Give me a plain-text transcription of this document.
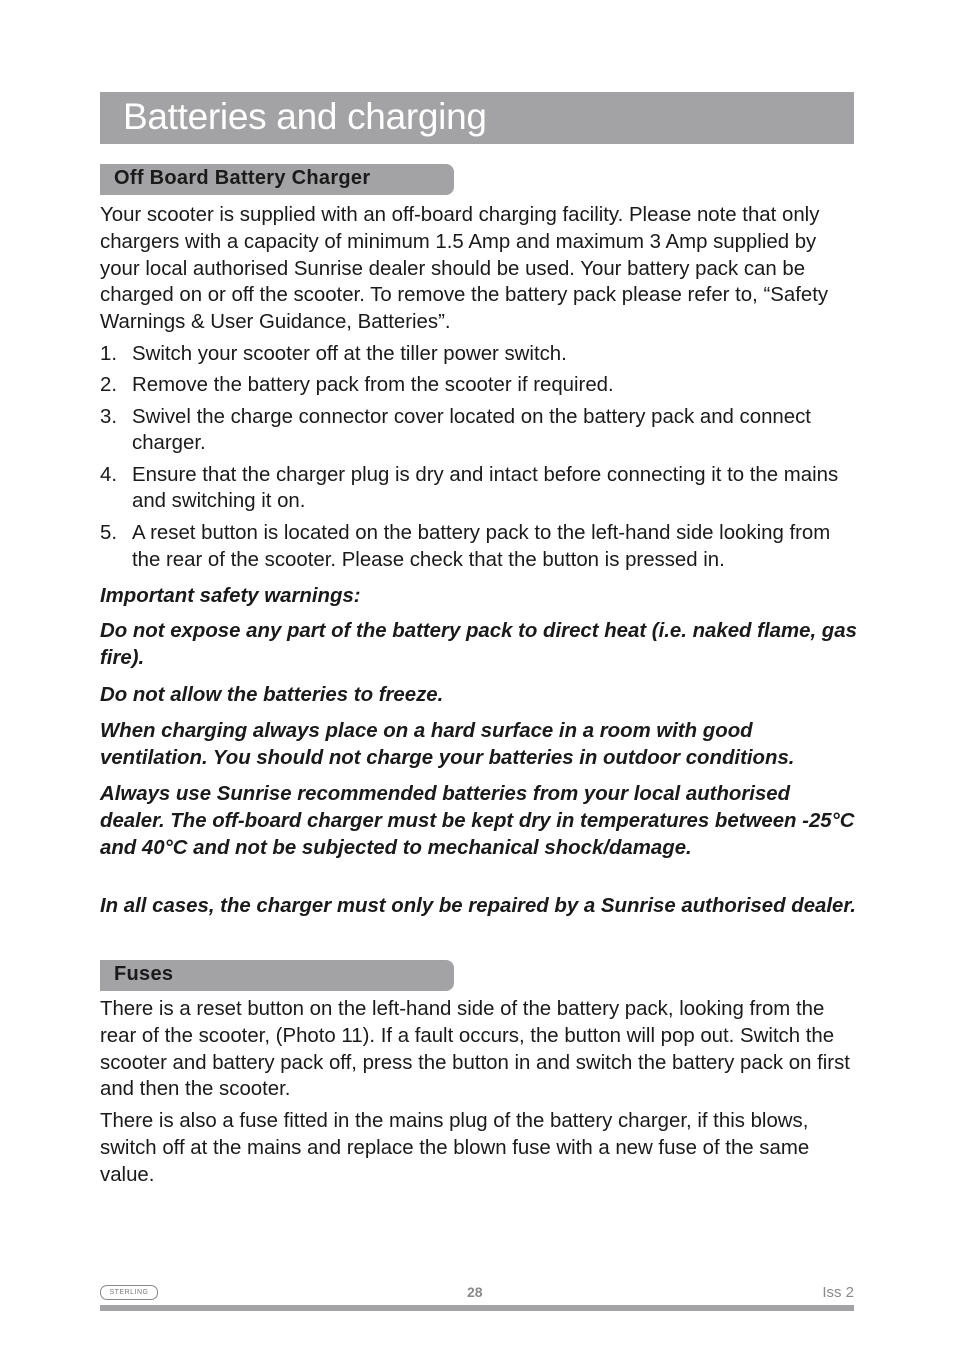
Batteries and charging
Off Board Battery Charger

Your scooter is supplied with an off-board charging facility. Please note that only chargers with a capacity of minimum 1.5 Amp and maximum 3 Amp supplied by your local authorised Sunrise dealer should be used. Your battery pack can be charged on or off the scooter. To remove the battery pack please refer to, “Safety Warnings & User Guidance, Batteries”.

1. Switch your scooter off at the tiller power switch.
2. Remove the battery pack from the scooter if required.
3. Swivel the charge connector cover located on the battery pack and connect charger.
4. Ensure that the charger plug is dry and intact before connecting it to the mains and switching it on.
5. A reset button is located on the battery pack to the left-hand side looking from the rear of the scooter. Please check that the button is pressed in.

Important safety warnings:

Do not expose any part of the battery pack to direct heat (i.e. naked flame, gas fire).

Do not allow the batteries to freeze.

When charging always place on a hard surface in a room with good ventilation. You should not charge your batteries in outdoor conditions.

Always use Sunrise recommended batteries from your local authorised dealer. The off-board charger must be kept dry in temperatures between -25°C and 40°C and not be subjected to mechanical shock/damage.

In all cases, the charger must only be repaired by a Sunrise authorised dealer.

Fuses

There is a reset button on the left-hand side of the battery pack, looking from the rear of the scooter, (Photo 11). If a fault occurs, the button will pop out. Switch the scooter and battery pack off, press the button in and switch the battery pack on first and then the scooter.

There is also a fuse fitted in the mains plug of the battery charger, if this blows, switch off at the mains and replace the blown fuse with a new fuse of the same value.

STERLING	28	Iss 2
